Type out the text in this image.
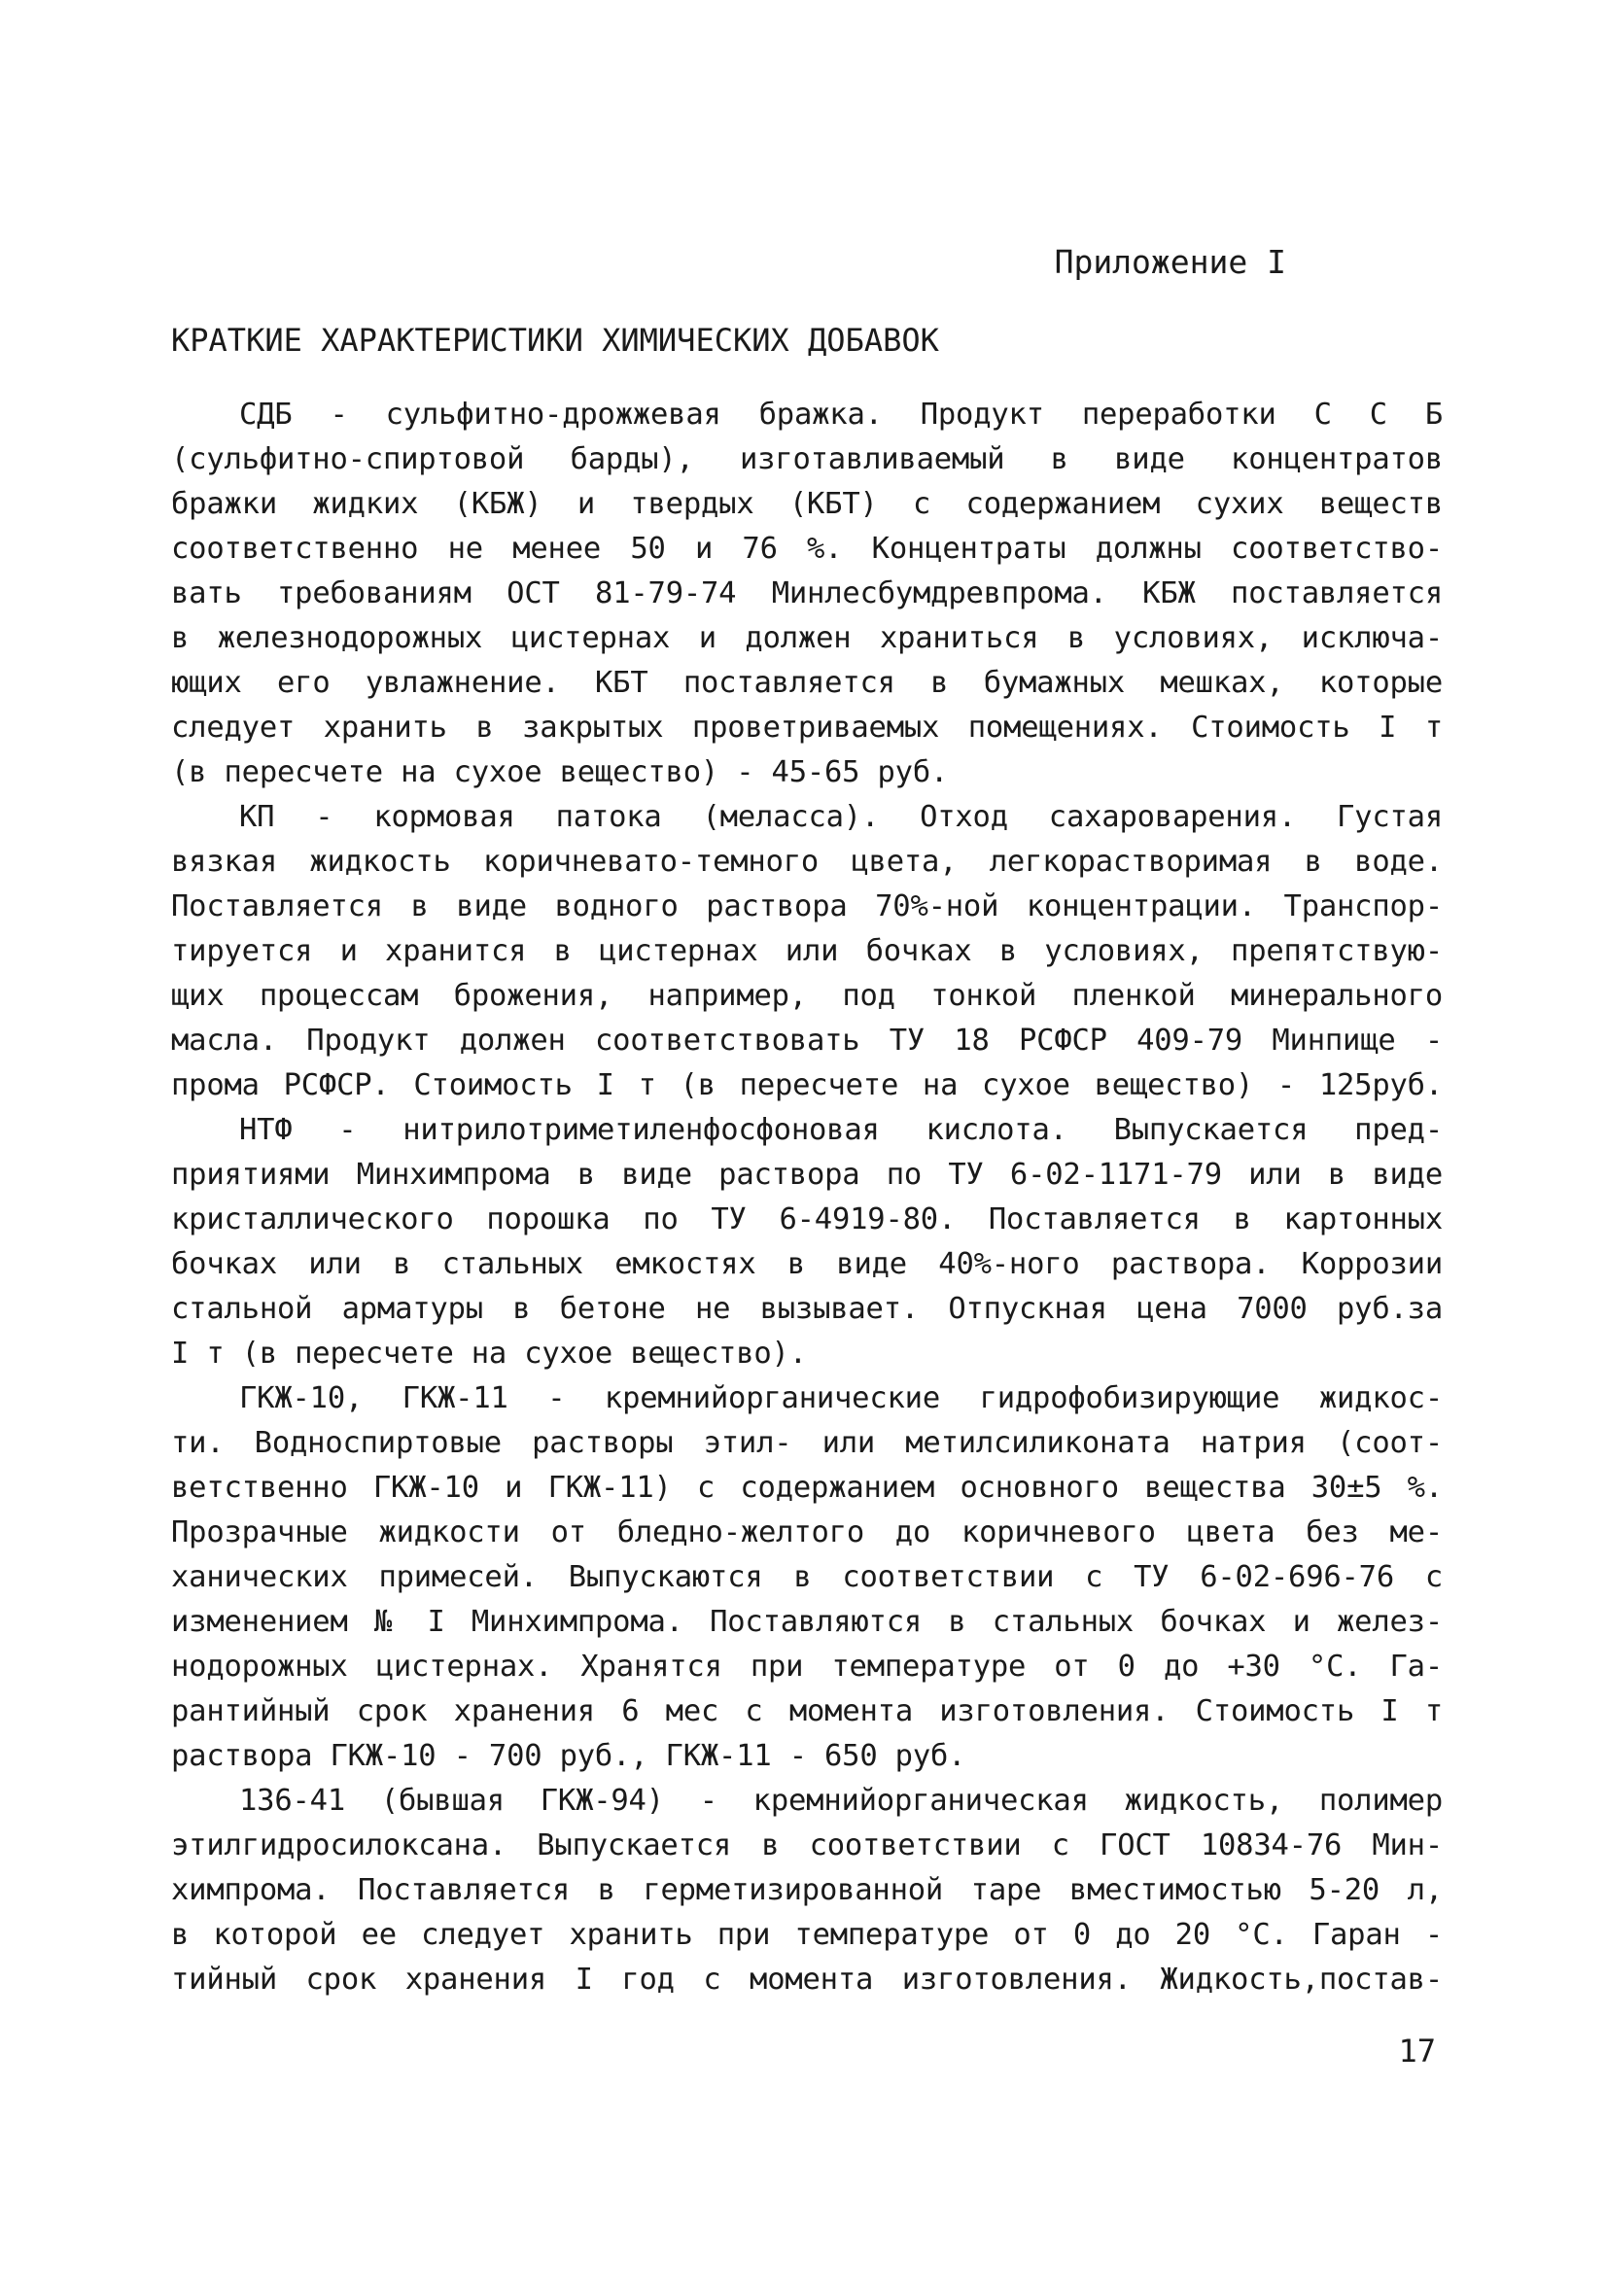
Приложение I
КРАТКИЕ ХАРАКТЕРИСТИКИ ХИМИЧЕСКИХ ДОБАВОК
СДБ - сульфитно-дрожжевая бражка. Продукт переработки С С Б
(сульфитно-спиртовой барды), изготавливаемый в виде концентратов
бражки жидких (КБЖ) и твердых (КБТ) с содержанием сухих веществ
соответственно не менее 50 и 76 %. Концентраты должны соответство-
вать требованиям ОСТ 81-79-74 Минлесбумдревпрома. КБЖ поставляется
в железнодорожных цистернах и должен храниться в условиях, исключа-
ющих его увлажнение. КБТ поставляется в бумажных мешках, которые
следует хранить в закрытых проветриваемых помещениях. Стоимость I т
(в пересчете на сухое вещество) - 45-65 руб.
КП - кормовая патока (меласса). Отход сахароварения. Густая
вязкая жидкость коричневато-темного цвета, легкорастворимая в воде.
Поставляется в виде водного раствора 70%-ной концентрации. Транспор-
тируется и хранится в цистернах или бочках в условиях, препятствую-
щих процессам брожения, например, под тонкой пленкой минерального
масла. Продукт должен соответствовать ТУ 18 РСФСР 409-79 Минпище -
прома РСФСР. Стоимость I т (в пересчете на сухое вещество) - 125руб.
НТФ - нитрилотриметиленфосфоновая кислота. Выпускается пред-
приятиями Минхимпрома в виде раствора по ТУ 6-02-1171-79 или в виде
кристаллического порошка по ТУ 6-4919-80. Поставляется в картонных
бочках или в стальных емкостях в виде 40%-ного раствора. Коррозии
стальной арматуры в бетоне не вызывает. Отпускная цена 7000 руб.за
I т (в пересчете на сухое вещество).
ГКЖ-10, ГКЖ-11 - кремнийорганические гидрофобизирующие жидкос-
ти. Водноспиртовые растворы этил- или метилсиликоната натрия (соот-
ветственно ГКЖ-10 и ГКЖ-11) с содержанием основного вещества 30±5 %.
Прозрачные жидкости от бледно-желтого до коричневого цвета без ме-
ханических примесей. Выпускаются в соответствии с ТУ 6-02-696-76 с
изменением № I Минхимпрома. Поставляются в стальных бочках и желез-
нодорожных цистернах. Хранятся при температуре от 0 до +30 °С. Га-
рантийный срок хранения 6 мес с момента изготовления. Стоимость I т
раствора ГКЖ-10 - 700 руб., ГКЖ-11 - 650 руб.
136-41 (бывшая ГКЖ-94) - кремнийорганическая жидкость, полимер
этилгидросилоксана. Выпускается в соответствии с ГОСТ 10834-76 Мин-
химпрома. Поставляется в герметизированной таре вместимостью 5-20 л,
в которой ее следует хранить при температуре от 0 до 20 °С. Гаран -
тийный срок хранения I год с момента изготовления. Жидкость,постав-
17
